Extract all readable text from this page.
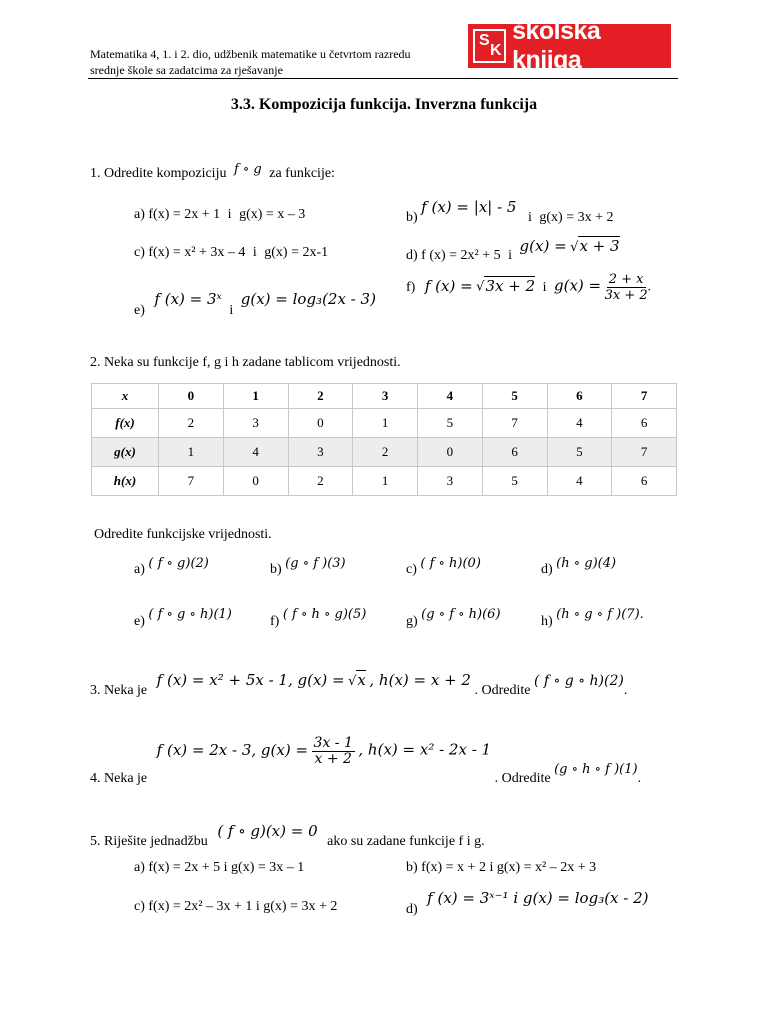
Matematika 4, 1. i 2. dio, udžbenik matematike u četvrtom razredu
srednje škole sa zadatcima za rješavanje
S
K
školska knjiga
3.3. Kompozicija funkcija. Inverzna funkcija
1. Odredite kompoziciju f ∘ g za funkcije:
a) f(x) = 2x + 1 i g(x) = x – 3	b) f (x) = |x| - 5 i g(x) = 3x + 2
c) f(x) = x² + 3x – 4 i g(x) = 2x-1	d) f (x) = 2x² + 5 i g(x) = √x + 3
e) f (x) = 3ˣ i g(x) = log₃(2x - 3)
f) f (x) = √3x + 2 i $g(x) = \frac{2 + x}{3x + 2}$ .
2. Neka su funkcije f, g i h zadane tablicom vrijednosti.
x	0	1	2	3	4	5	6	7
f(x)	2	3	0	1	5	7	4	6
g(x)	1	4	3	2	0	6	5	7
h(x)	7	0	2	1	3	5	4	6
Odredite funkcijske vrijednosti.
a) ( f ∘ g)(2)	b) (g ∘ f )(3)	c) ( f ∘ h)(0)	d) (h ∘ g)(4)
e) ( f ∘ g ∘ h)(1)	f) ( f ∘ h ∘ g)(5)	g) (g ∘ f ∘ h)(6)	h) (h ∘ g ∘ f )(7).
3. Neka je f (x) = x² + 5x - 1, g(x) = √x , h(x) = x + 2 . Odredite ( f ∘ g ∘ h)(2).
4. Neka je f (x) = 2x - 3, $g(x) = \frac{3x - 1}{x + 2}$ , h(x) = x² - 2x - 1 . Odredite (g ∘ h ∘ f )(1).
5. Riješite jednadžbu ( f ∘ g)(x) = 0 ako su zadane funkcije f i g.
a) f(x) = 2x + 5 i g(x) = 3x – 1	b) f(x) = x + 2 i g(x) = x² – 2x + 3
c) f(x) = 2x² – 3x + 1 i g(x) = 3x + 2	d) f (x) = 3ˣ⁻¹ i g(x) = log₃(x - 2)
